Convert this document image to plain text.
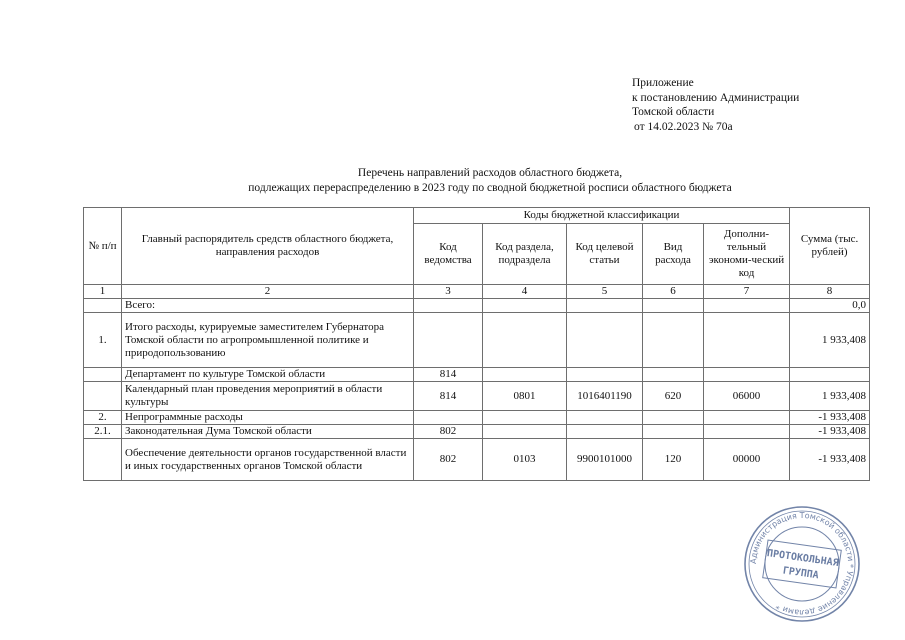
Приложение
к постановлению Администрации
Томской области
от 14.02.2023 № 70а
Перечень направлений расходов областного бюджета,
подлежащих перераспределению в 2023 году по сводной бюджетной росписи областного бюджета
№ п/п	Главный распорядитель средств областного бюджета, направления расходов	Коды бюджетной классификации					Сумма (тыс. рублей)
		Код ведомства	Код раздела, подраздела	Код целевой статьи	Вид расхода	Дополни-тельный экономи-ческий код	
1	2	3	4	5	6	7	8
	Всего:						0,0
1.	Итого расходы, курируемые заместителем Губернатора Томской области по агропромышленной политике и природопользованию						1 933,408
	Департамент по культуре Томской области	814					
	Календарный план проведения мероприятий в области культуры	814	0801	1016401190	620	06000	1 933,408
2.	Непрограммные расходы						-1 933,408
2.1.	Законодательная Дума Томской области	802					-1 933,408
	Обеспечение деятельности органов государственной власти и иных государственных органов Томской области	802	0103	9900101000	120	00000	-1 933,408
Администрация Томской области * Управление делами *
ПРОТОКОЛЬНАЯ
ГРУППА
